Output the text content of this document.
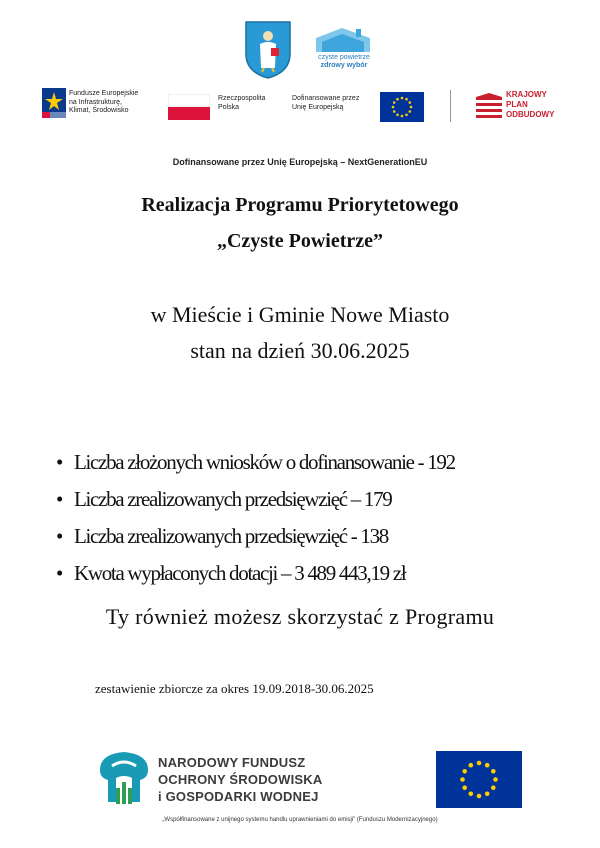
czyste powietrze
zdrowy wybór
Fundusze Europejskie
na Infrastrukturę,
Klimat, Środowisko
Rzeczpospolita
Polska
Dofinansowane przez
Unię Europejską
KRAJOWY
PLAN
ODBUDOWY
Dofinansowane przez Unię Europejską – NextGenerationEU
Realizacja Programu Priorytetowego
„Czyste Powietrze”
w Mieście i Gminie Nowe Miasto
stan na dzień 30.06.2025
• Liczba złożonych wniosków o dofinansowanie - 192
• Liczba zrealizowanych przedsięwzięć – 179
• Liczba zrealizowanych przedsięwzięć - 138
• Kwota wypłaconych dotacji – 3 489 443,19 zł
Ty również możesz skorzystać z Programu
zestawienie zbiorcze za okres 19.09.2018-30.06.2025
NARODOWY FUNDUSZ
OCHRONY ŚRODOWISKA
i GOSPODARKI WODNEJ
„Współfinansowane z unijnego systemu handlu uprawnieniami do emisji” (Funduszu Modernizacyjnego)
